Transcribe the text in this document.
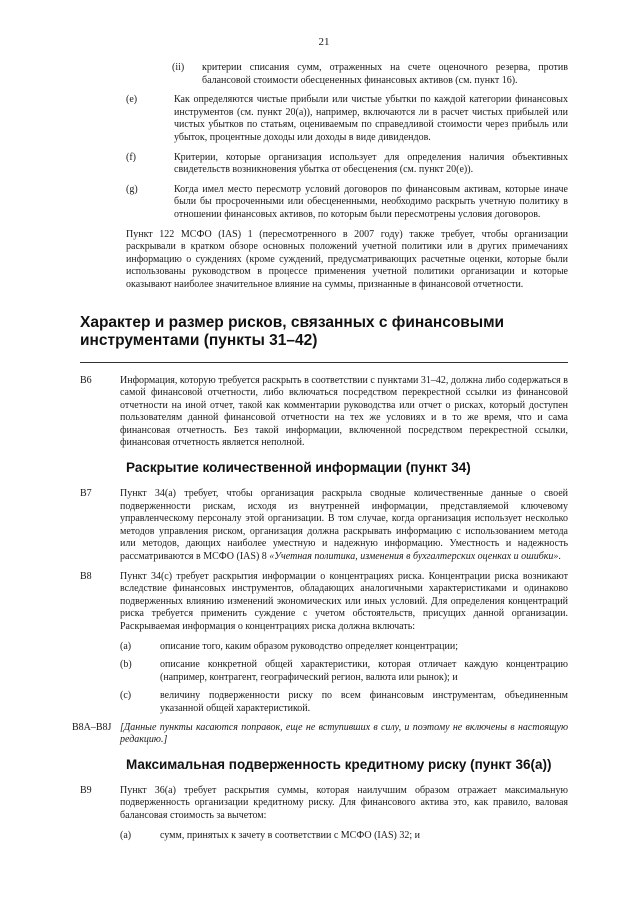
21
(ii)	критерии списания сумм, отраженных на счете оценочного резерва, против балансовой стоимости обесцененных финансовых активов (см. пункт 16).

(e)	Как определяются чистые прибыли или чистые убытки по каждой категории финансовых инструментов (см. пункт 20(a)), например, включаются ли в расчет чистых прибылей или чистых убытков по статьям, оцениваемым по справедливой стоимости через прибыль или убыток, процентные доходы или доходы в виде дивидендов.

(f)	Критерии, которые организация использует для определения наличия объективных свидетельств возникновения убытка от обесценения (см. пункт 20(e)).

(g)	Когда имел место пересмотр условий договоров по финансовым активам, которые иначе были бы просроченными или обесцененными, необходимо раскрыть учетную политику в отношении финансовых активов, по которым были пересмотрены условия договоров.

Пункт 122 МСФО (IAS) 1 (пересмотренного в 2007 году) также требует, чтобы организации раскрывали в кратком обзоре основных положений учетной политики или в других примечаниях информацию о суждениях (кроме суждений, предусматривающих расчетные оценки, которые были использованы руководством в процессе применения учетной политики организации и которые оказывают наиболее значительное влияние на суммы, признанные в финансовой отчетности.

Характер и размер рисков, связанных с финансовыми инструментами (пункты 31–42)
B6	Информация, которую требуется раскрыть в соответствии с пунктами 31–42, должна либо содержаться в самой финансовой отчетности, либо включаться посредством перекрестной ссылки из финансовой отчетности на иной отчет, такой как комментарии руководства или отчет о рисках, который доступен пользователям данной финансовой отчетности на тех же условиях и в то же время, что и сама финансовая отчетность. Без такой информации, включенной посредством перекрестной ссылки, финансовая отчетность является неполной.

Раскрытие количественной информации (пункт 34)
B7	Пункт 34(a) требует, чтобы организация раскрыла сводные количественные данные о своей подверженности рискам, исходя из внутренней информации, представляемой ключевому управленческому персоналу этой организации. В том случае, когда организация использует несколько методов управления риском, организация должна раскрывать информацию с использованием метода или методов, дающих наиболее уместную и надежную информацию. Уместность и надежность рассматриваются в МСФО (IAS) 8 «Учетная политика, изменения в бухгалтерских оценках и ошибки».

B8	Пункт 34(c) требует раскрытия информации о концентрациях риска. Концентрации риска возникают вследствие финансовых инструментов, обладающих аналогичными характеристиками и одинаково подверженных влиянию изменений экономических или иных условий. Для определения концентраций риска требуется применить суждение с учетом обстоятельств, присущих данной организации. Раскрываемая информация о концентрациях риска должна включать:

(a)	описание того, каким образом руководство определяет концентрации;

(b)	описание конкретной общей характеристики, которая отличает каждую концентрацию (например, контрагент, географический регион, валюта или рынок); и

(c)	величину подверженности риску по всем финансовым инструментам, объединенным указанной общей характеристикой.

B8A–B8J [Данные пункты касаются поправок, еще не вступивших в силу, и поэтому не включены в настоящую редакцию.]

Максимальная подверженность кредитному риску (пункт 36(a))
B9	Пункт 36(a) требует раскрытия суммы, которая наилучшим образом отражает максимальную подверженность организации кредитному риску. Для финансового актива это, как правило, валовая балансовая стоимость за вычетом:

(a)	сумм, принятых к зачету в соответствии с МСФО (IAS) 32; и
